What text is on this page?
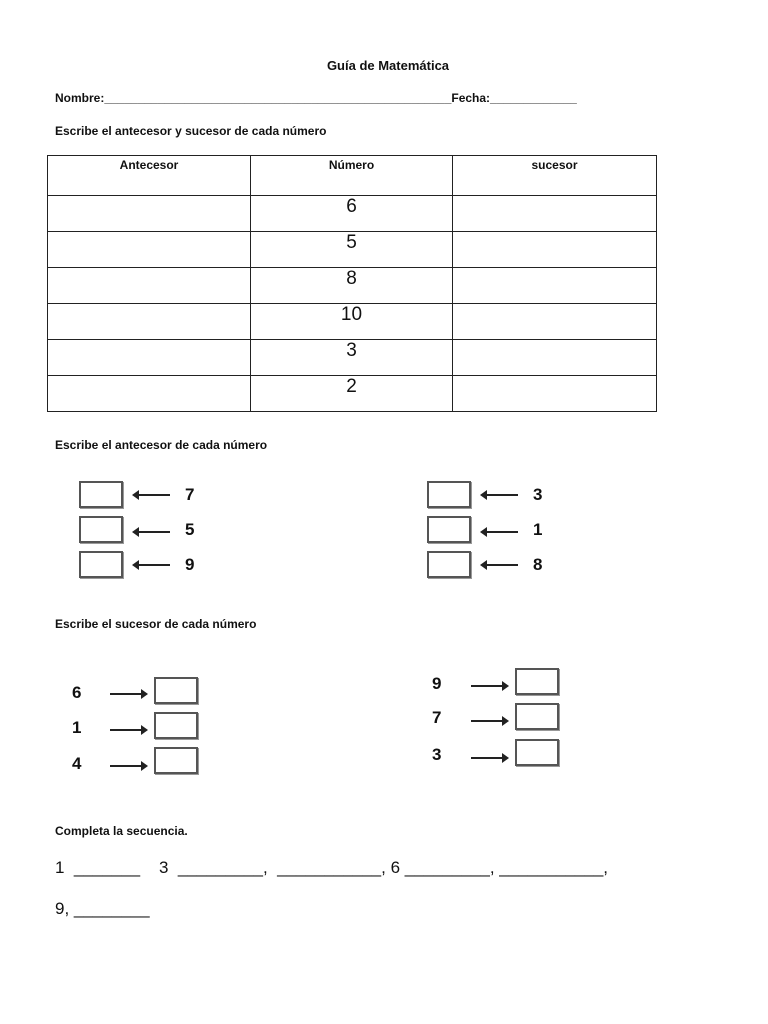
Guía de Matemática
Nombre:____________________________________________________Fecha:_____________
Escribe el antecesor y sucesor de cada número
Antecesor	Número	sucesor
	6	
	5	
	8	
	10	
	3	
	2	
Escribe el antecesor de cada número
7
5
9
3
1
8
Escribe el sucesor de cada número
6
1
4
9
7
3
Completa la secuencia.
1  _______    3  _________,  ___________, 6 _________, ___________,
9, ________
